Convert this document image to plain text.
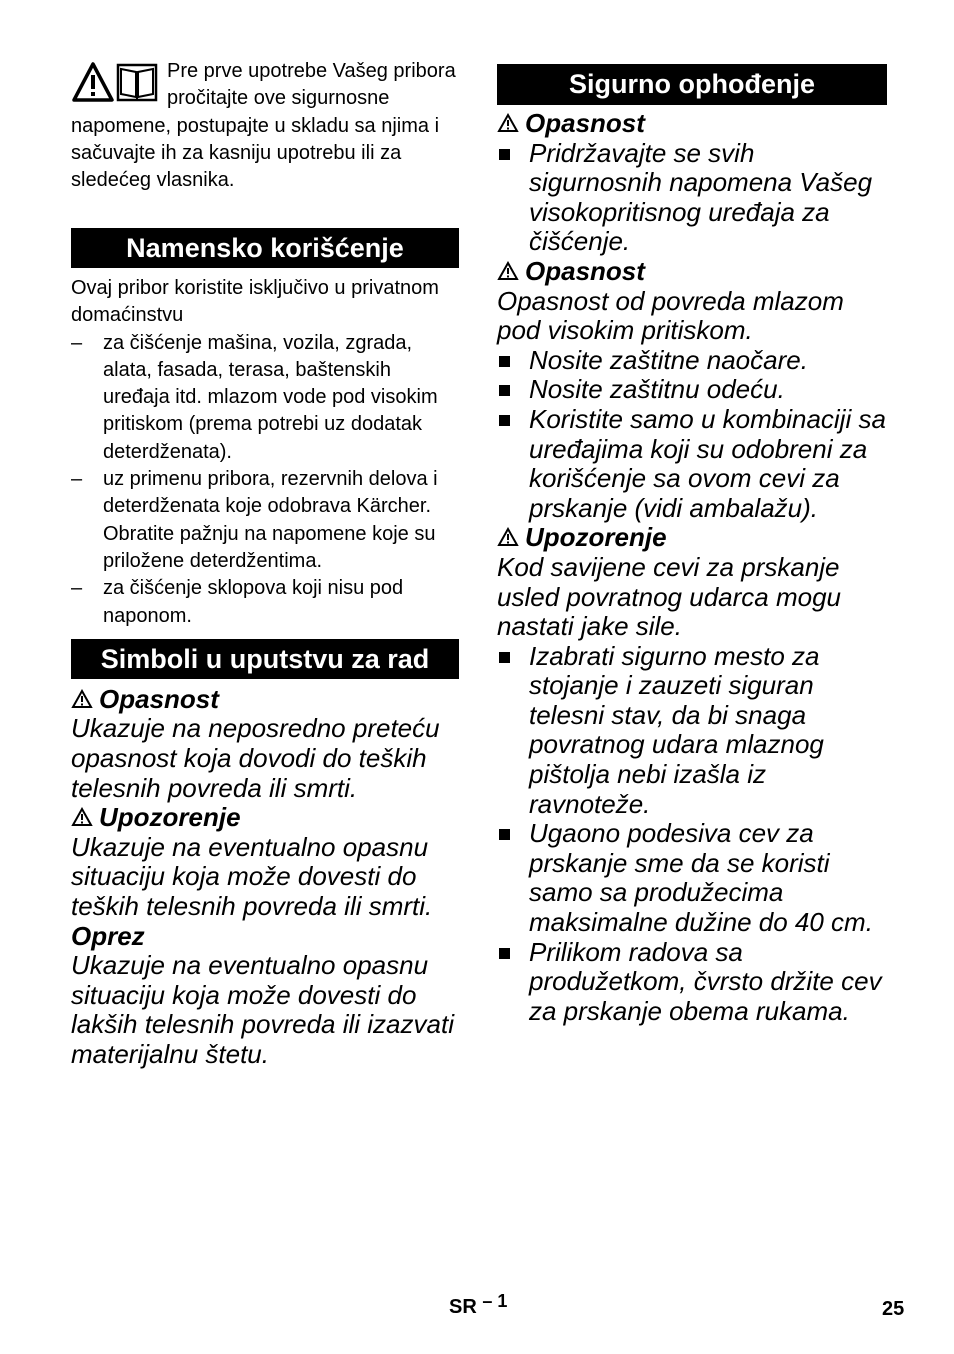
Pre prve upotrebe Vašeg pribora pročitajte ove sigurnosne napomene, postupajte u skladu sa njima i sačuvajte ih za kasniju upotrebu ili za sledećeg vlasnika.
Namensko korišćenje
Ovaj pribor koristite isključivo u privatnom domaćinstvu
– za čišćenje mašina, vozila, zgrada, alata, fasada, terasa, baštenskih uređaja itd. mlazom vode pod visokim pritiskom (prema potrebi uz dodatak deterdženata).
– uz primenu pribora, rezervnih delova i deterdženata koje odobrava Kärcher. Obratite pažnju na napomene koje su priložene deterdžentima.
– za čišćenje sklopova koji nisu pod naponom.
Simboli u uputstvu za rad
Opasnost
Ukazuje na neposredno preteću opasnost koja dovodi do teških telesnih povreda ili smrti.
Upozorenje
Ukazuje na eventualno opasnu situaciju koja može dovesti do teških telesnih povreda ili smrti.
Oprez
Ukazuje na eventualno opasnu situaciju koja može dovesti do lakših telesnih povreda ili izazvati materijalnu štetu.
Sigurno ophođenje
Opasnost
Pridržavajte se svih sigurnosnih napomena Vašeg visokopritisnog uređaja za čišćenje.
Opasnost
Opasnost od povreda mlazom pod visokim pritiskom.
Nosite zaštitne naočare.
Nosite zaštitnu odeću.
Koristite samo u kombinaciji sa uređajima koji su odobreni za korišćenje sa ovom cevi za prskanje (vidi ambalažu).
Upozorenje
Kod savijene cevi za prskanje usled povratnog udarca mogu nastati jake sile.
Izabrati sigurno mesto za stojanje i zauzeti siguran telesni stav, da bi snaga povratnog udara mlaznog pištolja nebi izašla iz ravnoteže.
Ugaono podesiva cev za prskanje sme da se koristi samo sa produžecima maksimalne dužine do 40 cm.
Prilikom radova sa produžetkom, čvrsto držite cev za prskanje obema rukama.
SR – 1	25
